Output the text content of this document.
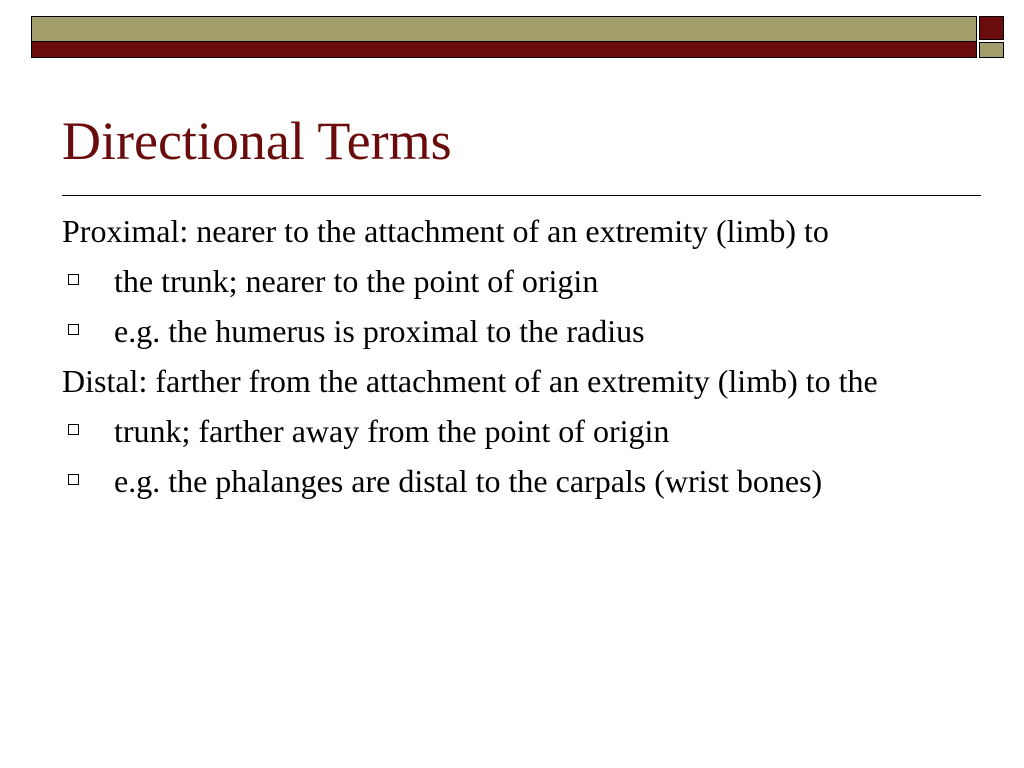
Directional Terms

Proximal: nearer to the attachment of an extremity (limb) to

the trunk; nearer to the point of origin
e.g. the humerus is proximal to the radius

Distal: farther from the attachment of an extremity (limb) to the

trunk; farther away from the point of origin
e.g. the phalanges are distal to the carpals (wrist bones)
